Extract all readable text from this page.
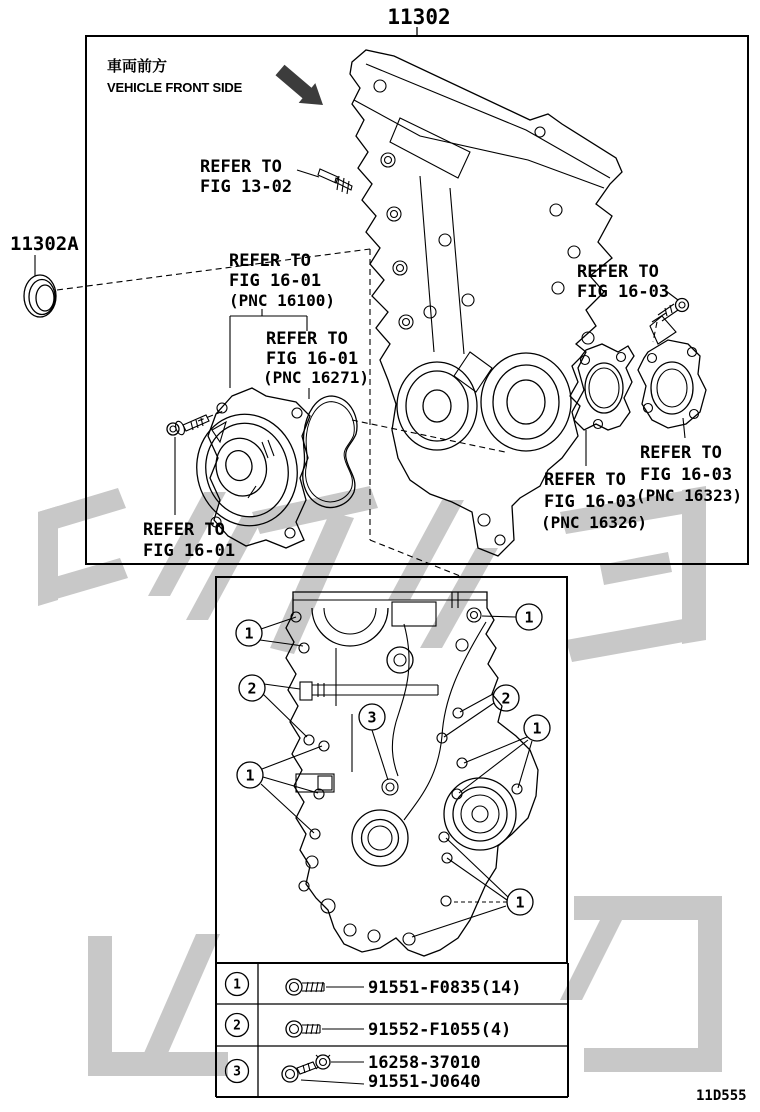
11302
車両前方
VEHICLE FRONT SIDE
11302A
REFER TO
FIG 13-02
REFER TO
FIG 16-01
(PNC 16100)
REFER TO
FIG 16-01
(PNC 16271)
REFER TO
FIG 16-01
REFER TO
FIG 16-03
REFER TO
FIG 16-03
(PNC 16326)
REFER TO
FIG 16-03
(PNC 16323)
1
1
2
2
3
1
1
1
1	91551-F0835(14)
2	91552-F1055(4)
3	16258-37010
91551-J0640
11D555
